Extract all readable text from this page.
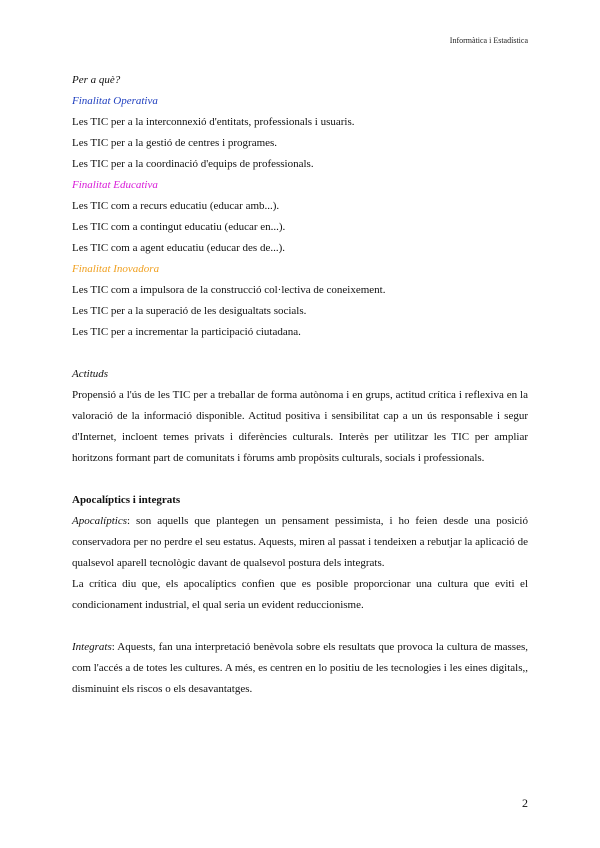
Informàtica i Estadística

Per a què?

Finalitat Operativa

Les TIC per a la interconnexió d'entitats, professionals i usuaris.

Les TIC per a la gestió de centres i programes.

Les TIC per a la coordinació d'equips de professionals.

Finalitat Educativa

Les TIC com a recurs educatiu (educar amb...).

Les TIC com a contingut educatiu (educar en...).

Les TIC com a agent educatiu (educar des de...).

Finalitat Inovadora

Les TIC com a impulsora de la construcció col·lectiva de coneixement.

Les TIC per a la superació de les desigualtats socials.

Les TIC per a incrementar la participació ciutadana.

Actituds

Propensió a l'ús de les TIC per a treballar de forma autònoma i en grups, actitud crítica i reflexiva en la valoració de la informació disponible. Actitud positiva i sensibilitat cap a un ús responsable i segur d'Internet, incloent temes privats i diferències culturals. Interès per utilitzar les TIC per ampliar horitzons formant part de comunitats i fòrums amb propòsits culturals, socials i professionals.

Apocalíptics i integrats

Apocalíptics: son aquells que plantegen un pensament pessimista, i ho feien desde una posició conservadora per no perdre el seu estatus. Aquests, miren al passat i tendeixen a rebutjar la aplicació de qualsevol aparell tecnològic davant de qualsevol postura dels integrats.

La crítica diu que, els apocalíptics confien que es posible proporcionar una cultura que eviti el condicionament industrial, el qual seria un evident reduccionisme.

Integrats: Aquests, fan una interpretació benèvola sobre els resultats que provoca la cultura de masses, com l'accés a de totes les cultures. A més, es centren en lo positiu de les tecnologies i les eines digitals,, disminuint els riscos o els desavantatges.

2
